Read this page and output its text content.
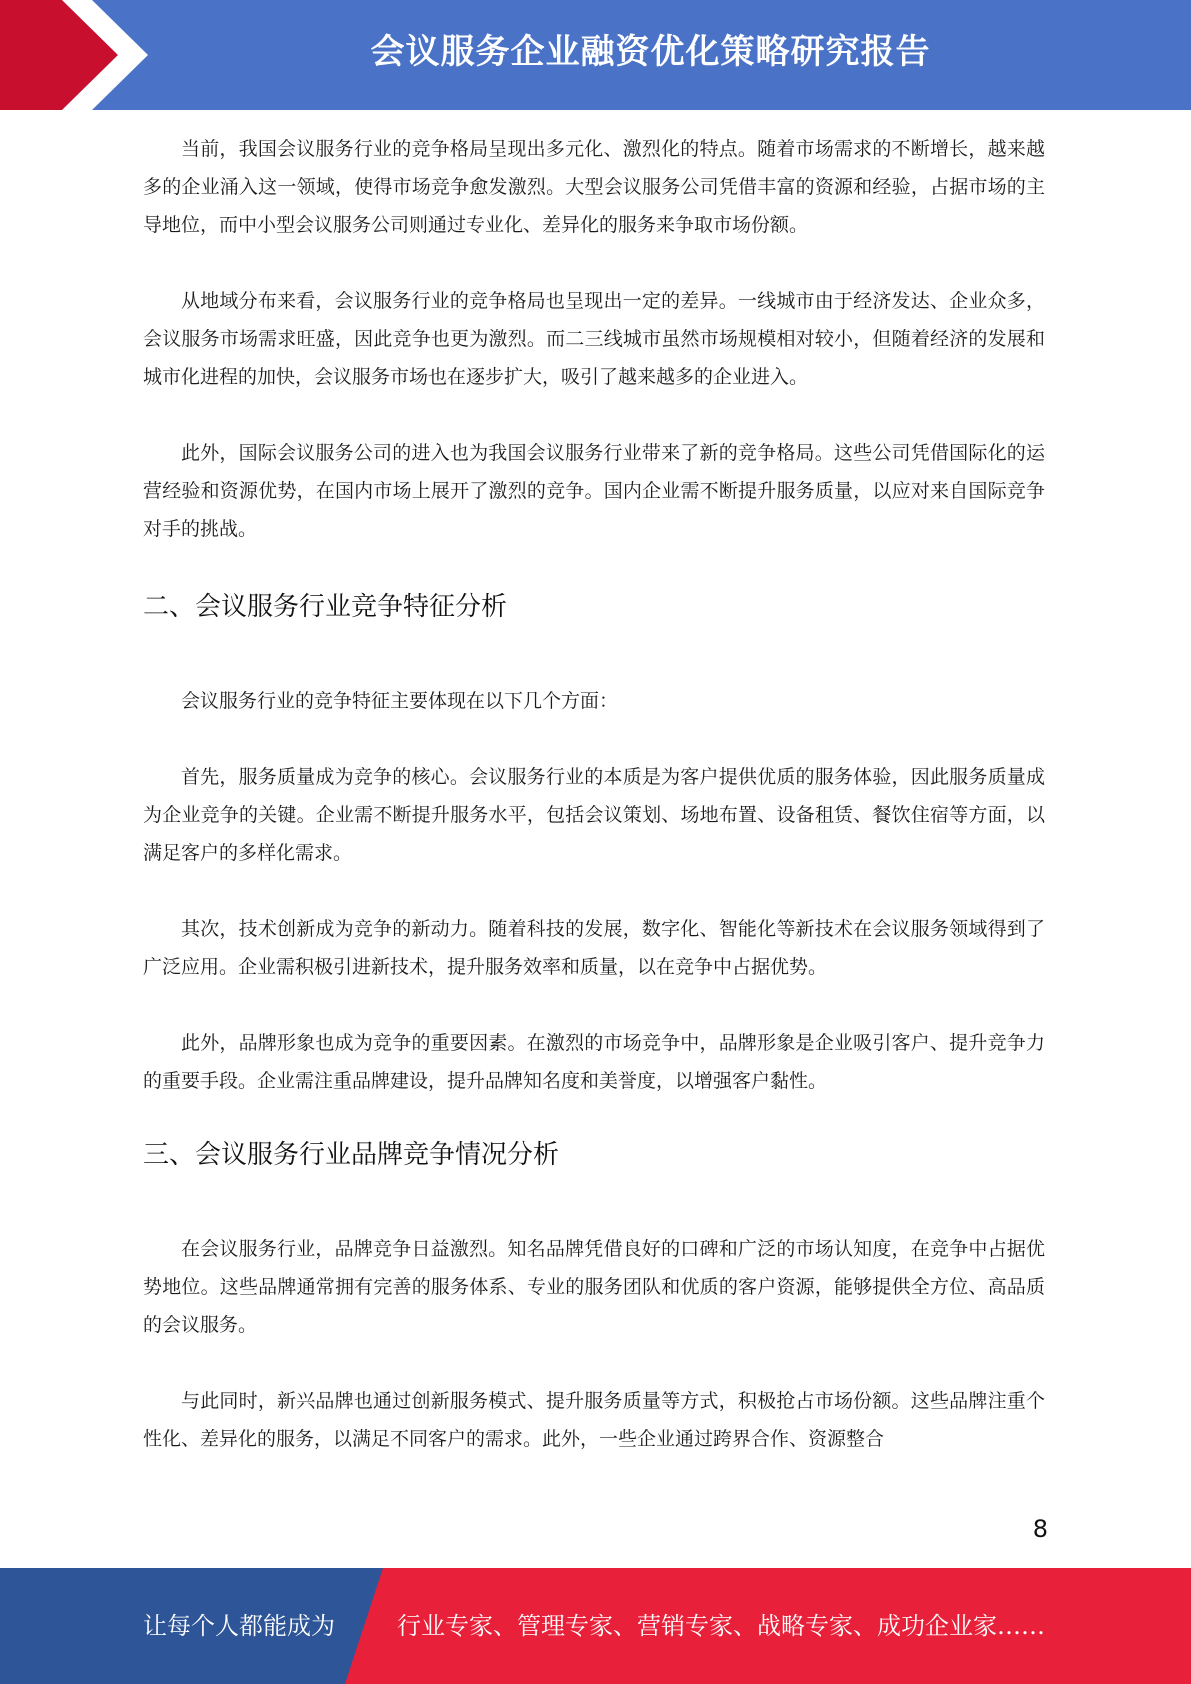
会议服务企业融资优化策略研究报告

当前，我国会议服务行业的竞争格局呈现出多元化、激烈化的特点。随着市场需求的不断增长，越来越多的企业涌入这一领域，使得市场竞争愈发激烈。大型会议服务公司凭借丰富的资源和经验，占据市场的主导地位，而中小型会议服务公司则通过专业化、差异化的服务来争取市场份额。

从地域分布来看，会议服务行业的竞争格局也呈现出一定的差异。一线城市由于经济发达、企业众多，会议服务市场需求旺盛，因此竞争也更为激烈。而二三线城市虽然市场规模相对较小，但随着经济的发展和城市化进程的加快，会议服务市场也在逐步扩大，吸引了越来越多的企业进入。

此外，国际会议服务公司的进入也为我国会议服务行业带来了新的竞争格局。这些公司凭借国际化的运营经验和资源优势，在国内市场上展开了激烈的竞争。国内企业需不断提升服务质量，以应对来自国际竞争对手的挑战。

二、会议服务行业竞争特征分析

会议服务行业的竞争特征主要体现在以下几个方面：

首先，服务质量成为竞争的核心。会议服务行业的本质是为客户提供优质的服务体验，因此服务质量成为企业竞争的关键。企业需不断提升服务水平，包括会议策划、场地布置、设备租赁、餐饮住宿等方面，以满足客户的多样化需求。

其次，技术创新成为竞争的新动力。随着科技的发展，数字化、智能化等新技术在会议服务领域得到了广泛应用。企业需积极引进新技术，提升服务效率和质量，以在竞争中占据优势。

此外，品牌形象也成为竞争的重要因素。在激烈的市场竞争中，品牌形象是企业吸引客户、提升竞争力的重要手段。企业需注重品牌建设，提升品牌知名度和美誉度，以增强客户黏性。

三、会议服务行业品牌竞争情况分析

在会议服务行业，品牌竞争日益激烈。知名品牌凭借良好的口碑和广泛的市场认知度，在竞争中占据优势地位。这些品牌通常拥有完善的服务体系、专业的服务团队和优质的客户资源，能够提供全方位、高品质的会议服务。

与此同时，新兴品牌也通过创新服务模式、提升服务质量等方式，积极抢占市场份额。这些品牌注重个性化、差异化的服务，以满足不同客户的需求。此外，一些企业通过跨界合作、资源整合

8
让每个人都能成为	行业专家、管理专家、营销专家、战略专家、成功企业家……
